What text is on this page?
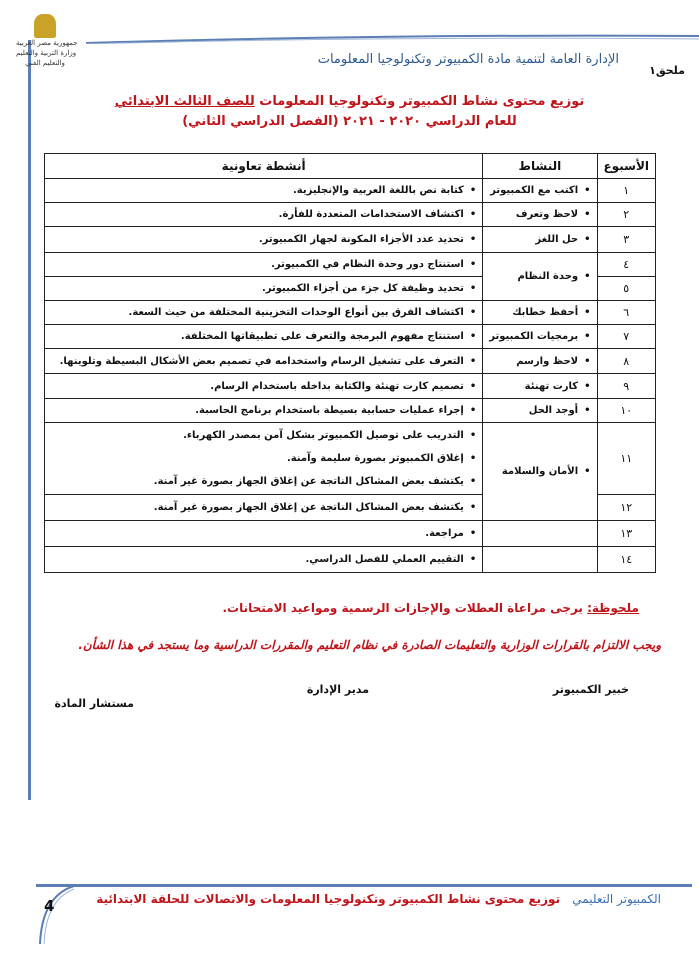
جمهورية مصر العربية
وزارة التربية والتعليم
والتعليم الفني	الإدارة العامة لتنمية مادة الكمبيوتر وتكنولوجيا المعلومات
ملحق١
توزيع محتوى نشاط الكمبيوتر وتكنولوجيا المعلومات للصف الثالث الابتدائي
للعام الدراسي ٢٠٢٠ - ٢٠٢١ (الفصل الدراسي الثاني)
الأسبوع	النشاط	أنشطة تعاونية
١	• اكتب مع الكمبيوتر	• كتابة نص باللغة العربية والإنجليزية.
٢	• لاحظ وتعرف	• اكتشاف الاستخدامات المتعددة للفأرة.
٣	• حل اللغز	• تحديد عدد الأجزاء المكونة لجهاز الكمبيوتر.
٤	• وحدة النظام	• استنتاج دور وحدة النظام في الكمبيوتر.
٥		• تحديد وظيفة كل جزء من أجزاء الكمبيوتر.
٦	• أحفظ خطابك	• اكتشاف الفرق بين أنواع الوحدات التخزينية المختلفة من حيث السعة.
٧	• برمجيات الكمبيوتر	• استنتاج مفهوم البرمجة والتعرف على تطبيقاتها المختلفة.
٨	• لاحظ وارسم	• التعرف على تشغيل الرسام واستخدامه في تصميم بعض الأشكال البسيطة وتلوينها.
٩	• كارت تهنئة	• تصميم كارت تهنئة والكتابة بداخله باستخدام الرسام.
١٠	• أوجد الحل	• إجراء عمليات حسابية بسيطة باستخدام برنامج الحاسبة.
١١	• الأمان والسلامة	• التدريب على توصيل الكمبيوتر بشكل آمن بمصدر الكهرباء.
• إغلاق الكمبيوتر بصورة سليمة وآمنة.
• يكتشف بعض المشاكل الناتجة عن إغلاق الجهاز بصورة غير آمنة.

١٢		• يكتشف بعض المشاكل الناتجة عن إغلاق الجهاز بصورة غير آمنة.
١٣		• مراجعة.
١٤		• التقييم العملي للفصل الدراسي.
ملحوظة: يرجى مراعاة العطلات والإجازات الرسمية ومواعيد الامتحانات.
ويجب الالتزام بالقرارات الوزارية والتعليمات الصادرة في نظام التعليم والمقررات الدراسية وما يستجد في هذا الشأن.
خبير الكمبيوتر
مدير الإدارة
مستشار المادة
الكمبيوتر التعليمي توزيع محتوى نشاط الكمبيوتر وتكنولوجيا المعلومات والاتصالات للحلقة الابتدائية
4
